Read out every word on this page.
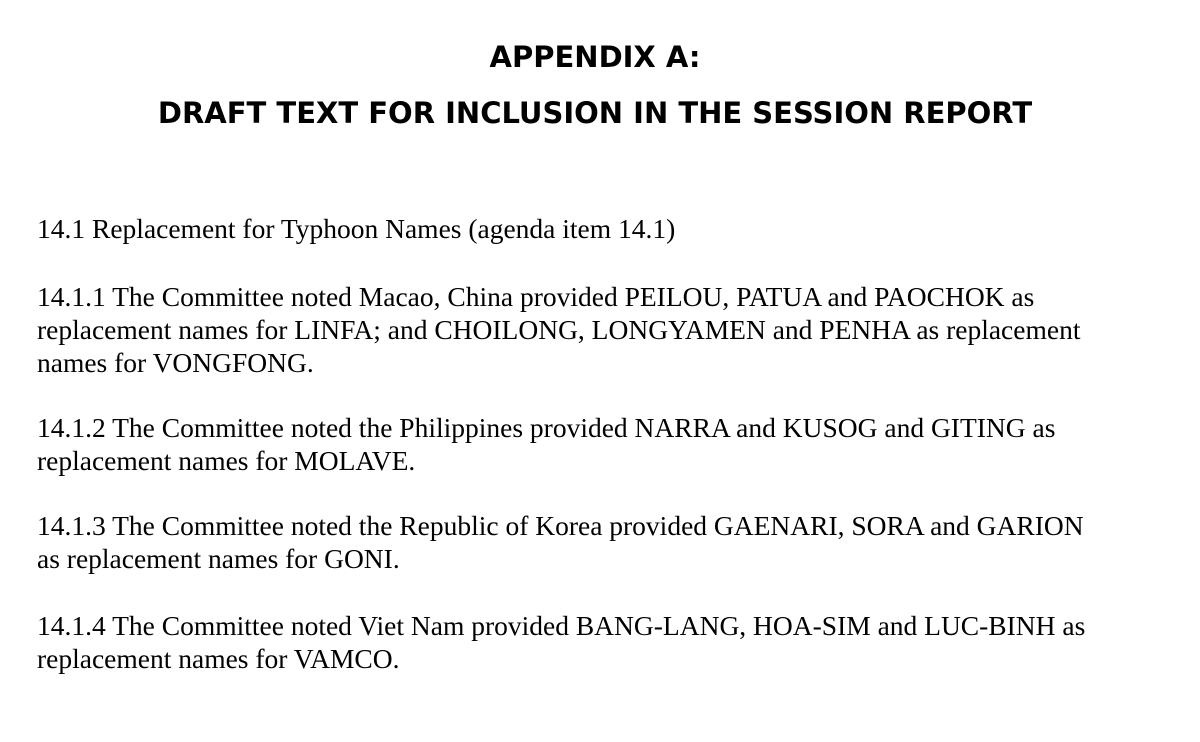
APPENDIX A:
DRAFT TEXT FOR INCLUSION IN THE SESSION REPORT
14.1 Replacement for Typhoon Names (agenda item 14.1)
14.1.1 The Committee noted Macao, China provided PEILOU, PATUA and PAOCHOK as
replacement names for LINFA; and CHOILONG, LONGYAMEN and PENHA as replacement
names for VONGFONG.
14.1.2 The Committee noted the Philippines provided NARRA and KUSOG and GITING as
replacement names for MOLAVE.
14.1.3 The Committee noted the Republic of Korea provided GAENARI, SORA and GARION
as replacement names for GONI.
14.1.4 The Committee noted Viet Nam provided BANG-LANG, HOA-SIM and LUC-BINH as
replacement names for VAMCO.
